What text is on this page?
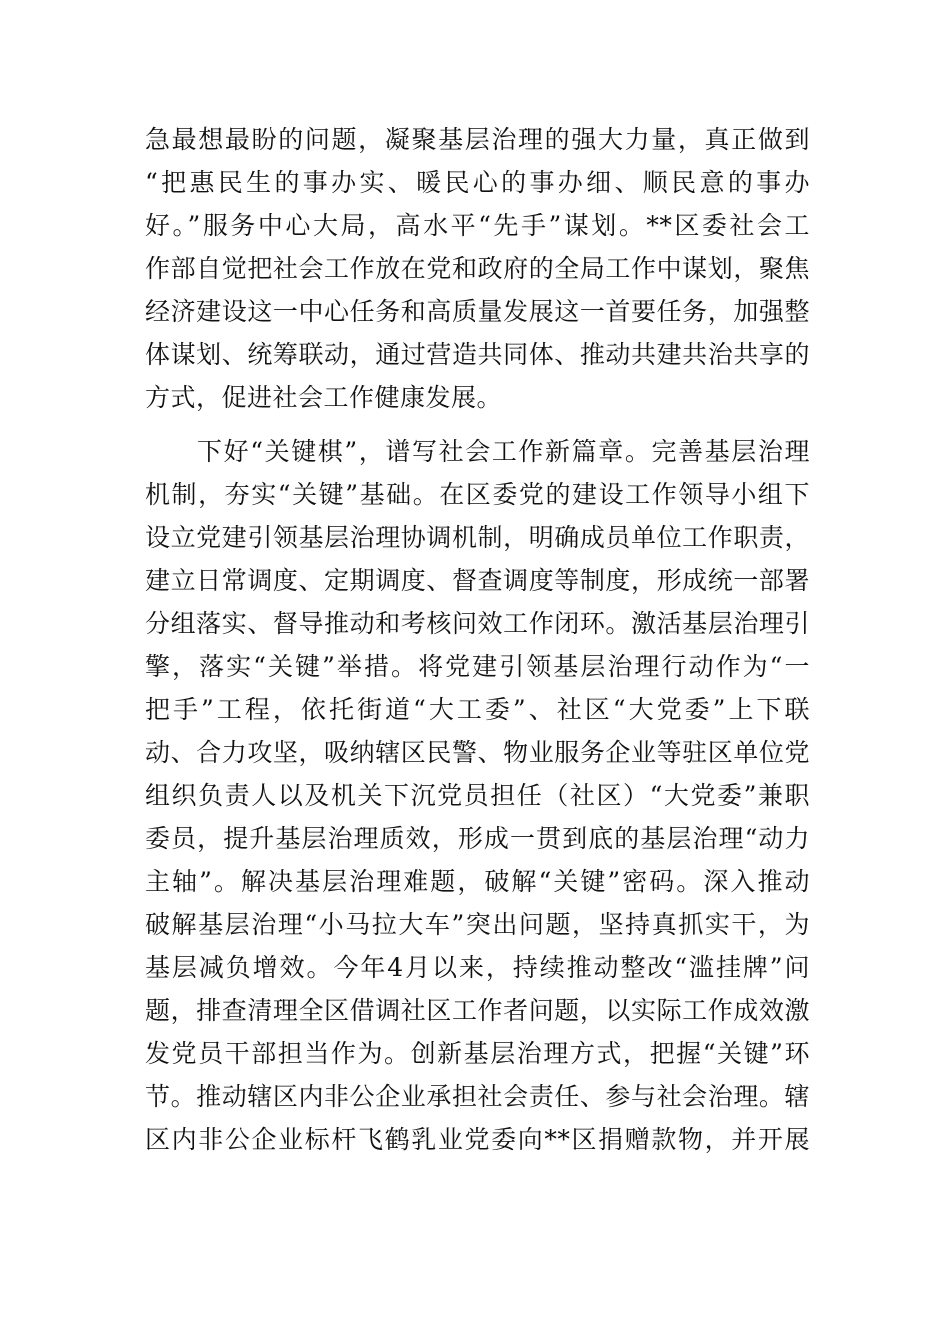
急最想最盼的问题，凝聚基层治理的强大力量，真正做到
“把惠民生的事办实、暖民心的事办细、顺民意的事办
好。”服务中心大局，高水平“先手”谋划。**区委社会工
作部自觉把社会工作放在党和政府的全局工作中谋划，聚焦
经济建设这一中心任务和高质量发展这一首要任务，加强整
体谋划、统筹联动，通过营造共同体、推动共建共治共享的
方式，促进社会工作健康发展。
下好“关键棋”，谱写社会工作新篇章。完善基层治理
机制，夯实“关键”基础。在区委党的建设工作领导小组下
设立党建引领基层治理协调机制，明确成员单位工作职责，
建立日常调度、定期调度、督查调度等制度，形成统一部署
分组落实、督导推动和考核问效工作闭环。激活基层治理引
擎，落实“关键”举措。将党建引领基层治理行动作为“一
把手”工程，依托街道“大工委”、社区“大党委”上下联
动、合力攻坚，吸纳辖区民警、物业服务企业等驻区单位党
组织负责人以及机关下沉党员担任（社区）“大党委”兼职
委员，提升基层治理质效，形成一贯到底的基层治理“动力
主轴”。解决基层治理难题，破解“关键”密码。深入推动
破解基层治理“小马拉大车”突出问题，坚持真抓实干，为
基层减负增效。今年4月以来，持续推动整改“滥挂牌”问
题，排查清理全区借调社区工作者问题，以实际工作成效激
发党员干部担当作为。创新基层治理方式，把握“关键”环
节。推动辖区内非公企业承担社会责任、参与社会治理。辖
区内非公企业标杆飞鹤乳业党委向**区捐赠款物，并开展
